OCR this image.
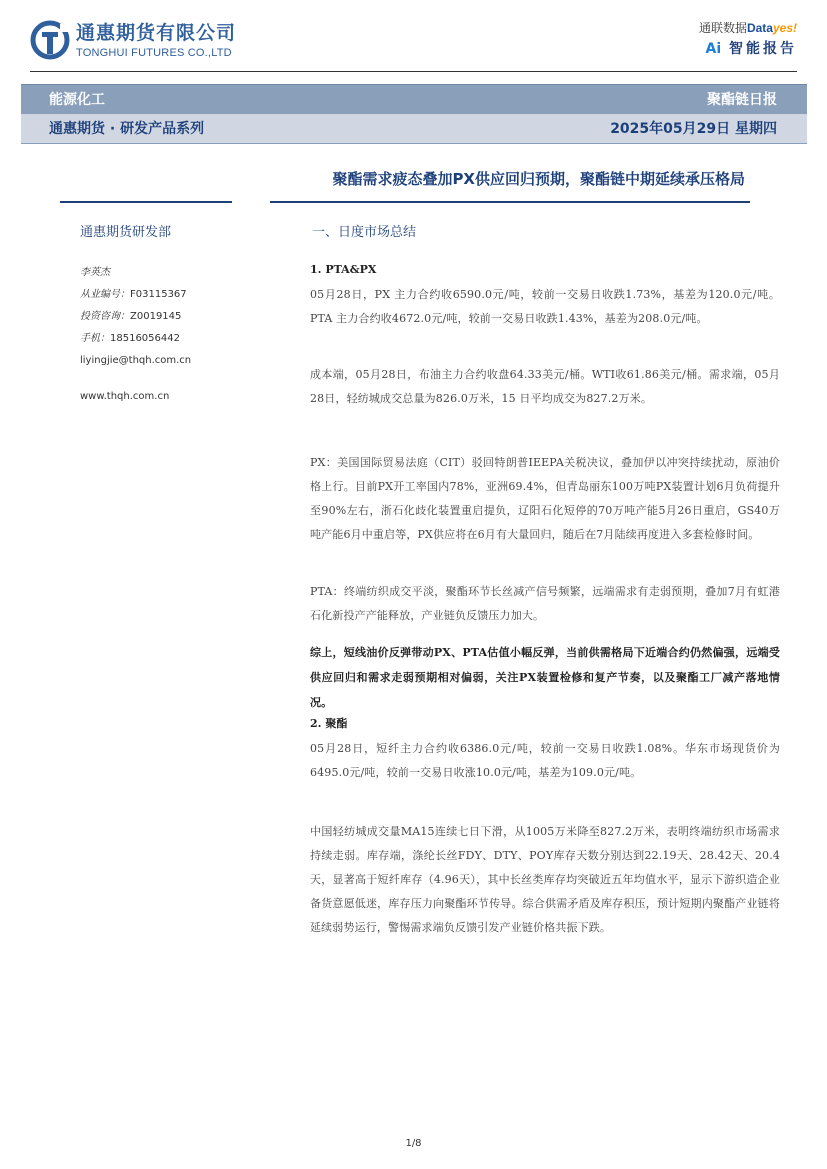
通惠期货有限公司
TONGHUI FUTURES CO.,LTD
通联数据Datayes!
Ai 智能报告
能源化工	聚酯链日报
通惠期货 · 研发产品系列	2025年05月29日 星期四
聚酯需求疲态叠加PX供应回归预期，聚酯链中期延续承压格局
通惠期货研发部
李英杰
从业编号：F03115367
投资咨询：Z0019145
手机：18516056442
liyingjie@thqh.com.cn
www.thqh.com.cn
一、日度市场总结
1. PTA&PX
05月28日，PX 主力合约收6590.0元/吨，较前一交易日收跌1.73%，基差为120.0元/吨。PTA 主力合约收4672.0元/吨，较前一交易日收跌1.43%，基差为208.0元/吨。
成本端，05月28日，布油主力合约收盘64.33美元/桶。WTI收61.86美元/桶。需求端，05月28日，轻纺城成交总量为826.0万米，15 日平均成交为827.2万米。
PX：美国国际贸易法庭（CIT）驳回特朗普IEEPA关税决议，叠加伊以冲突持续扰动，原油价格上行。目前PX开工率国内78%，亚洲69.4%，但青岛丽东100万吨PX装置计划6月负荷提升至90%左右，浙石化歧化装置重启提负，辽阳石化短停的70万吨产能5月26日重启，GS40万吨产能6月中重启等，PX供应将在6月有大量回归，随后在7月陆续再度进入多套检修时间。
PTA：终端纺织成交平淡，聚酯环节长丝减产信号频繁，远端需求有走弱预期，叠加7月有虹港石化新投产产能释放，产业链负反馈压力加大。
综上，短线油价反弹带动PX、PTA估值小幅反弹，当前供需格局下近端合约仍然偏强，远端受供应回归和需求走弱预期相对偏弱，关注PX装置检修和复产节奏，以及聚酯工厂减产落地情况。
2. 聚酯
05月28日，短纤主力合约收6386.0元/吨，较前一交易日收跌1.08%。华东市场现货价为6495.0元/吨，较前一交易日收涨10.0元/吨，基差为109.0元/吨。
中国轻纺城成交量MA15连续七日下滑，从1005万米降至827.2万米，表明终端纺织市场需求持续走弱。库存端，涤纶长丝FDY、DTY、POY库存天数分别达到22.19天、28.42天、20.4天，显著高于短纤库存（4.96天），其中长丝类库存均突破近五年均值水平，显示下游织造企业备货意愿低迷，库存压力向聚酯环节传导。综合供需矛盾及库存积压，预计短期内聚酯产业链将延续弱势运行，警惕需求端负反馈引发产业链价格共振下跌。
1/8
